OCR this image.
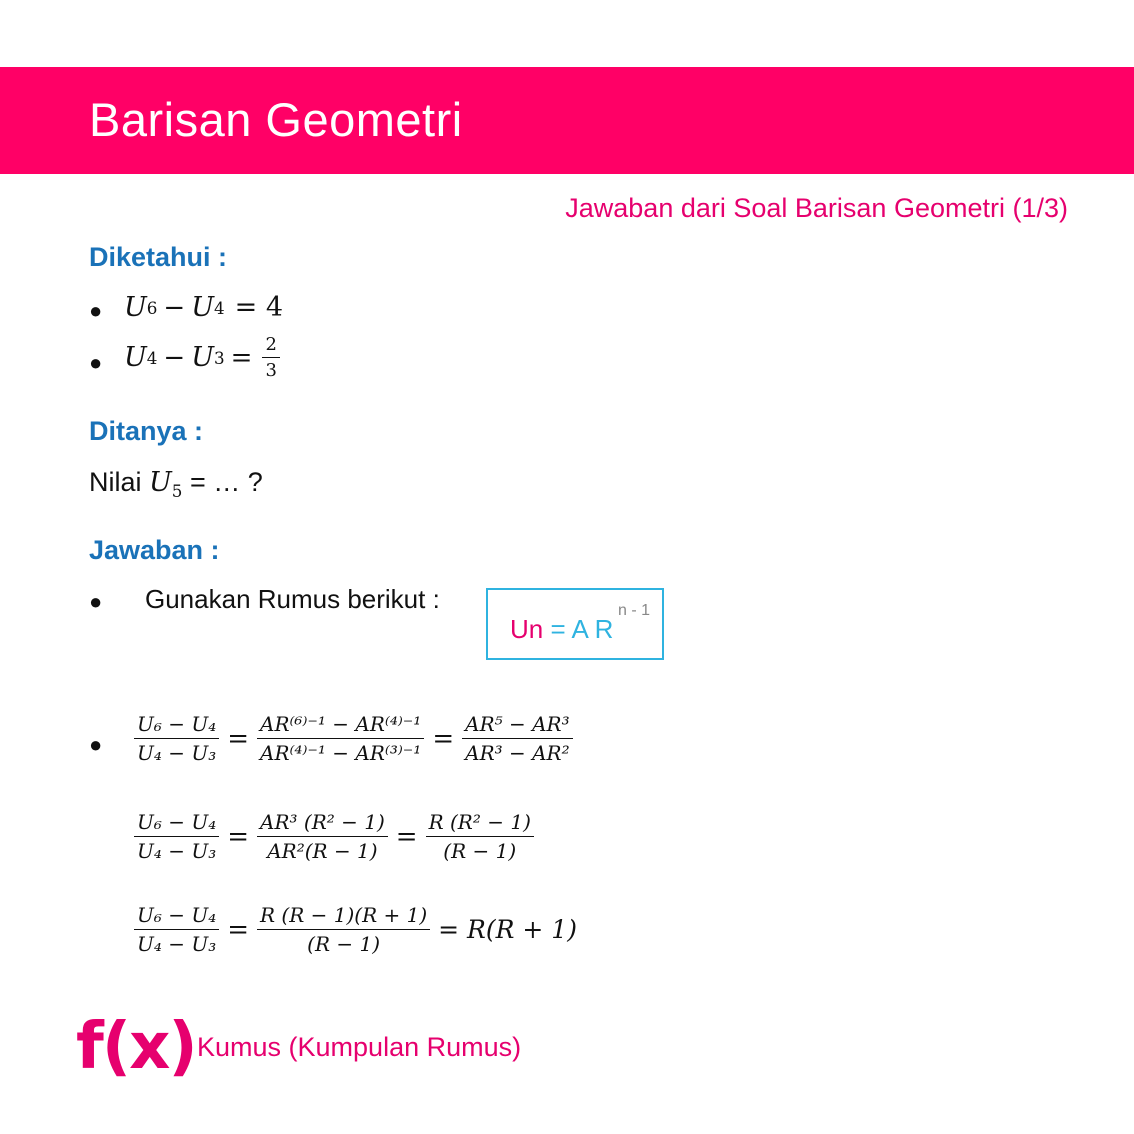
Barisan Geometri
Jawaban dari Soal Barisan Geometri (1/3)
Diketahui :
● U 6 − U 4 = 4
● U 4 − U $3 = \frac{2}{3}$
Ditanya :
Nilai $U_5$ = … ?
Jawaban :
● Gunakan Rumus berikut :
Un = A R
n - 1
● $\frac{\text{U₆ − U₄}}{\text{U₄ − U₃}} = \frac{\text{AR⁽⁶⁾⁻¹ − AR⁽⁴⁾⁻¹}}{\text{AR⁽⁴⁾⁻¹ − AR⁽³⁾⁻¹}} = \frac{\text{AR⁵ − AR³}}{\text{AR³ − AR²}}$
$\frac{\text{U₆ − U₄}}{\text{U₄ − U₃}} = \frac{\text{AR³ (R² − 1)}}{\text{AR²(R − 1)}} = \frac{\text{R (R² − 1)}}{(R - 1)}$
$\frac{\text{U₆ − U₄}}{\text{U₄ − U₃}} = \frac{R (R - 1)(R + 1)}{(R - 1)} = R(R + 1)$
f(x) Kumus (Kumpulan Rumus)
